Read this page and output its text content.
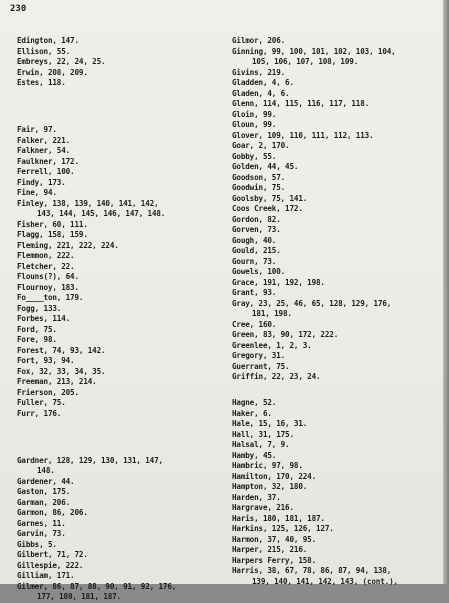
230
Edington, 147.
Ellison, 55.
Embreys, 22, 24, 25.
Erwin, 208, 209.
Estes, 118.
Fair, 97.
Falker, 221.
Falkner, 54.
Faulkner, 172.
Ferrell, 100.
Findy, 173.
Fine, 94.
Finley, 138, 139, 140, 141, 142,
143, 144, 145, 146, 147, 148.
Fisher, 60, 111.
Flagg, 158, 159.
Fleming, 221, 222, 224.
Flemmon, 222.
Fletcher, 22.
Flouns(?), 64.
Flournoy, 183.
Fo____ton, 179.
Fogg, 133.
Forbes, 114.
Ford, 75.
Fore, 98.
Forest, 74, 93, 142.
Fort, 93, 94.
Fox, 32, 33, 34, 35.
Freeman, 213, 214.
Frierson, 205.
Fuller, 75.
Furr, 176.
Gardner, 128, 129, 130, 131, 147,
148.
Gardener, 44.
Gaston, 175.
Garman, 206.
Garmon, 86, 206.
Garnes, 11.
Garvin, 73.
Gibbs, 5.
Gilbert, 71, 72.
Gillespie, 222.
Gilliam, 171.
Gilmer, 86, 87, 88, 90, 91, 92, 176,
177, 180, 181, 187.
Gilmor, 206.
Ginning, 99, 100, 101, 102, 103, 104,
105, 106, 107, 108, 109.
Givins, 219.
Gladden, 4, 6.
Gladen, 4, 6.
Glenn, 114, 115, 116, 117, 118.
Gloin, 99.
Gloun, 99.
Glover, 109, 110, 111, 112, 113.
Goar, 2, 170.
Gobby, 55.
Golden, 44, 45.
Goodson, 57.
Goodwin, 75.
Goolsby, 75, 141.
Coos Creek, 172.
Gordon, 82.
Gorven, 73.
Gough, 40.
Gould, 215.
Gourn, 73.
Gowels, 100.
Grace, 191, 192, 198.
Grant, 93.
Gray, 23, 25, 46, 65, 128, 129, 176,
181, 198.
Cree, 160.
Green, 83, 90, 172, 222.
Greenlee, 1, 2, 3.
Gregory, 31.
Guerrant, 75.
Griffin, 22, 23, 24.
Hagne, 52.
Haker, 6.
Hale, 15, 16, 31.
Hall, 31, 175.
Halsal, 7, 9.
Hamby, 45.
Hambric, 97, 98.
Hamilton, 170, 224.
Hampton, 32, 180.
Harden, 37.
Hargrave, 216.
Haris, 180, 181, 187.
Harkins, 125, 126, 127.
Harmon, 37, 40, 95.
Harper, 215, 216.
Harpers Ferry, 158.
Harris, 38, 67, 78, 86, 87, 94, 138,
139, 140, 141, 142, 143, (cont.),
